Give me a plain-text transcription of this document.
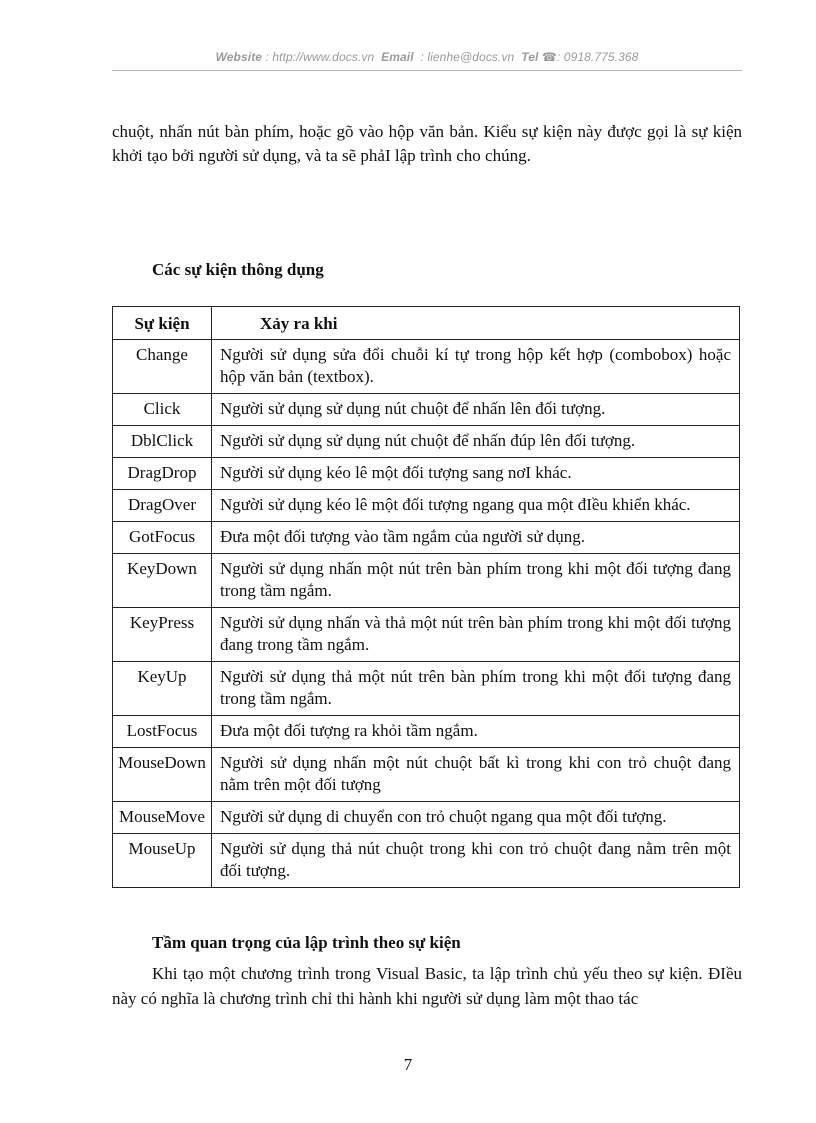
Website : http://www.docs.vn Email : lienhe@docs.vn Tel ☎: 0918.775.368
chuột, nhấn nút bàn phím, hoặc gõ vào hộp văn bản. Kiểu sự kiện này được gọi là sự kiện khởi tạo bởi người sử dụng, và ta sẽ phảI lập trình cho chúng.
Các sự kiện thông dụng
Sự kiện	Xảy ra khi
Change	Người sử dụng sửa đổi chuỗi kí tự trong hộp kết hợp (combobox) hoặc hộp văn bản (textbox).
Click	Người sử dụng sử dụng nút chuột để nhấn lên đối tượng.
DblClick	Người sử dụng sử dụng nút chuột để nhấn đúp lên đối tượng.
DragDrop	Người sử dụng kéo lê một đối tượng sang nơI khác.
DragOver	Người sử dụng kéo lê một đối tượng ngang qua một đIều khiển khác.
GotFocus	Đưa một đối tượng vào tầm ngắm của người sử dụng.
KeyDown	Người sử dụng nhấn một nút trên bàn phím trong khi một đối tượng đang trong tầm ngắm.
KeyPress	Người sử dụng nhấn và thả một nút trên bàn phím trong khi một đối tượng đang trong tầm ngắm.
KeyUp	Người sử dụng thả một nút trên bàn phím trong khi một đối tượng đang trong tầm ngắm.
LostFocus	Đưa một đối tượng ra khỏi tầm ngắm.
MouseDown	Người sử dụng nhấn một nút chuột bất kì trong khi con trỏ chuột đang nằm trên một đối tượng
MouseMove	Người sử dụng di chuyển con trỏ chuột ngang qua một đối tượng.
MouseUp	Người sử dụng thả nút chuột trong khi con trỏ chuột đang nằm trên một đối tượng.
Tầm quan trọng của lập trình theo sự kiện
Khi tạo một chương trình trong Visual Basic, ta lập trình chủ yếu theo sự kiện. ĐIều này có nghĩa là chương trình chỉ thi hành khi người sử dụng làm một thao tác
7
